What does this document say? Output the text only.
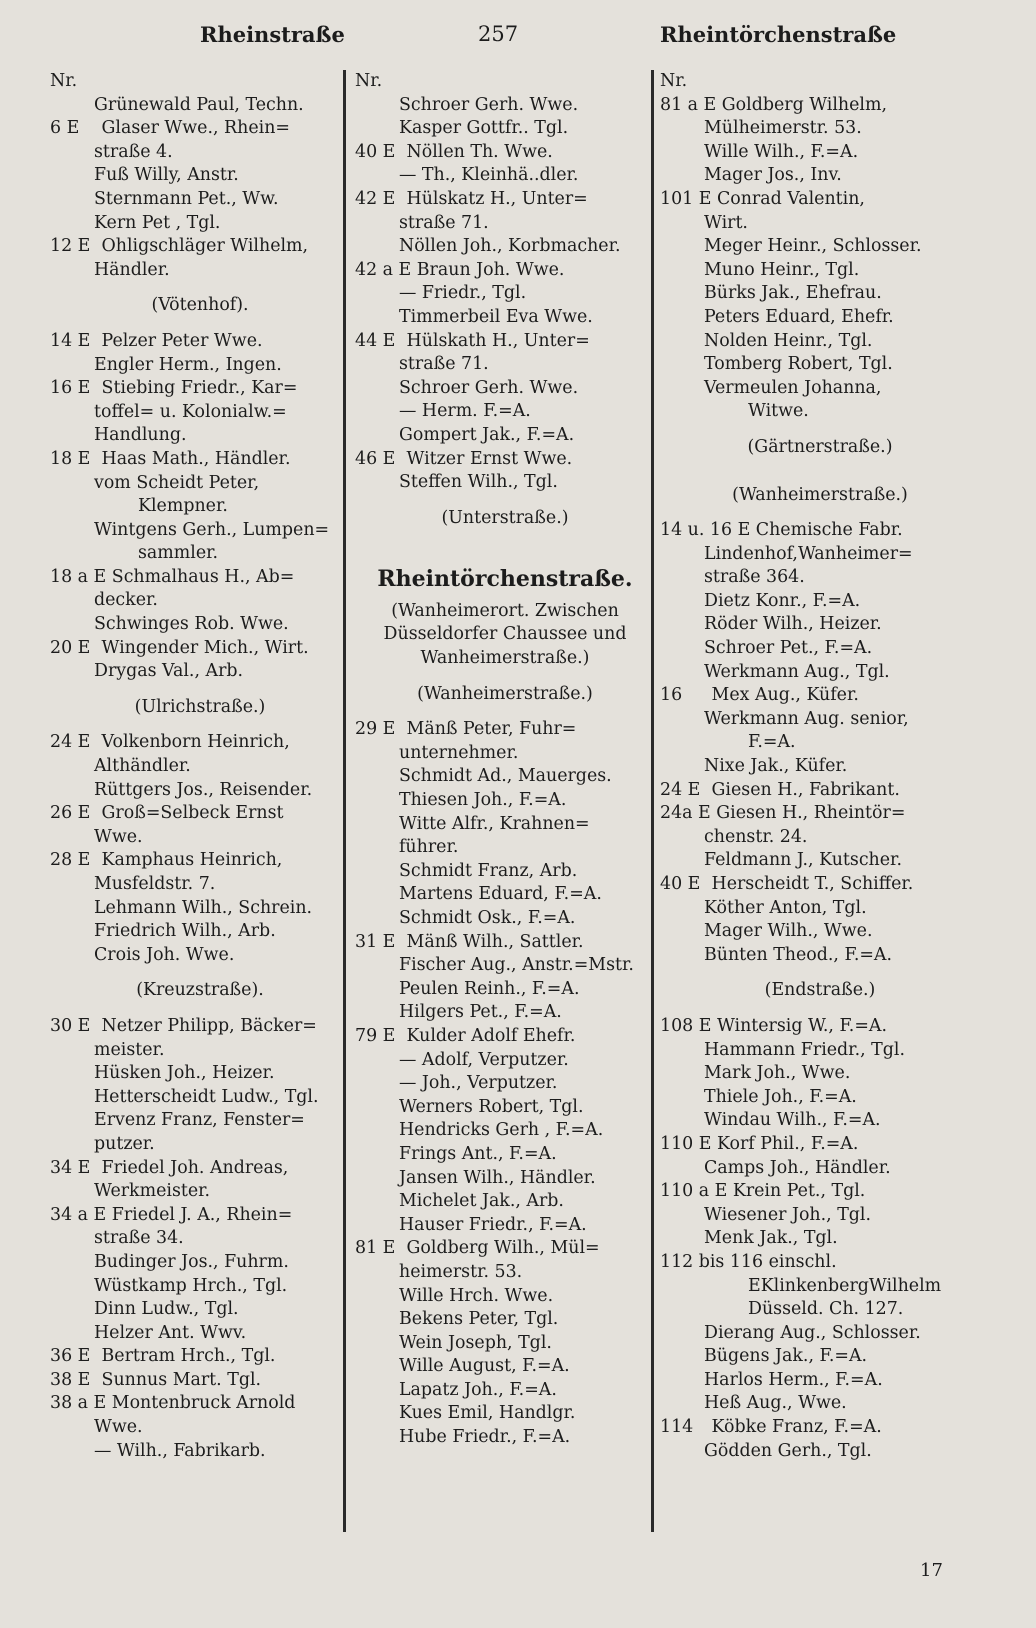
Rheinstraße	257	Rheintörchenstraße
Nr.
Grünewald Paul, Techn.
6 E Glaser Wwe., Rhein=
straße 4.
Fuß Willy, Anstr.
Sternmann Pet., Ww.
Kern Pet , Tgl.
12 E Ohligschläger Wilhelm,
Händler.
(Vötenhof).
14 E Pelzer Peter Wwe.
Engler Herm., Ingen.
16 E Stiebing Friedr., Kar=
toffel= u. Kolonialw.=
Handlung.
18 E Haas Math., Händler.
vom Scheidt Peter,
Klempner.
Wintgens Gerh., Lumpen=
sammler.
18 a E Schmalhaus H., Ab=
decker.
Schwinges Rob. Wwe.
20 E Wingender Mich., Wirt.
Drygas Val., Arb.
(Ulrichstraße.)
24 E Volkenborn Heinrich,
Althändler.
Rüttgers Jos., Reisender.
26 E Groß=Selbeck Ernst
Wwe.
28 E Kamphaus Heinrich,
Musfeldstr. 7.
Lehmann Wilh., Schrein.
Friedrich Wilh., Arb.
Crois Joh. Wwe.
(Kreuzstraße).
30 E Netzer Philipp, Bäcker=
meister.
Hüsken Joh., Heizer.
Hetterscheidt Ludw., Tgl.
Ervenz Franz, Fenster=
putzer.
34 E Friedel Joh. Andreas,
Werkmeister.
34 a E Friedel J. A., Rhein=
straße 34.
Budinger Jos., Fuhrm.
Wüstkamp Hrch., Tgl.
Dinn Ludw., Tgl.
Helzer Ant. Wwv.
36 E Bertram Hrch., Tgl.
38 E Sunnus Mart. Tgl.
38 a E Montenbruck Arnold
Wwe.
— Wilh., Fabrikarb.
Nr.
Schroer Gerh. Wwe.
Kasper Gottfr.. Tgl.
40 E Nöllen Th. Wwe.
— Th., Kleinhä..dler.
42 E Hülskatz H., Unter=
straße 71.
Nöllen Joh., Korbmacher.
42 a E Braun Joh. Wwe.
— Friedr., Tgl.
Timmerbeil Eva Wwe.
44 E Hülskath H., Unter=
straße 71.
Schroer Gerh. Wwe.
— Herm. F.=A.
Gompert Jak., F.=A.
46 E Witzer Ernst Wwe.
Steffen Wilh., Tgl.
(Unterstraße.)
Rheintörchenstraße.
(Wanheimerort. Zwischen
Düsseldorfer Chaussee und
Wanheimerstraße.)
(Wanheimerstraße.)
29 E Mänß Peter, Fuhr=
unternehmer.
Schmidt Ad., Mauerges.
Thiesen Joh., F.=A.
Witte Alfr., Krahnen=
führer.
Schmidt Franz, Arb.
Martens Eduard, F.=A.
Schmidt Osk., F.=A.
31 E Mänß Wilh., Sattler.
Fischer Aug., Anstr.=Mstr.
Peulen Reinh., F.=A.
Hilgers Pet., F.=A.
79 E Kulder Adolf Ehefr.
— Adolf, Verputzer.
— Joh., Verputzer.
Werners Robert, Tgl.
Hendricks Gerh , F.=A.
Frings Ant., F.=A.
Jansen Wilh., Händler.
Michelet Jak., Arb.
Hauser Friedr., F.=A.
81 E Goldberg Wilh., Mül=
heimerstr. 53.
Wille Hrch. Wwe.
Bekens Peter, Tgl.
Wein Joseph, Tgl.
Wille August, F.=A.
Lapatz Joh., F.=A.
Kues Emil, Handlgr.
Hube Friedr., F.=A.
Nr.
81 a E Goldberg Wilhelm,
Mülheimerstr. 53.
Wille Wilh., F.=A.
Mager Jos., Inv.
101 E Conrad Valentin,
Wirt.
Meger Heinr., Schlosser.
Muno Heinr., Tgl.
Bürks Jak., Ehefrau.
Peters Eduard, Ehefr.
Nolden Heinr., Tgl.
Tomberg Robert, Tgl.
Vermeulen Johanna,
Witwe.
(Gärtnerstraße.)
(Wanheimerstraße.)
14 u. 16 E Chemische Fabr.
Lindenhof,Wanheimer=
straße 364.
Dietz Konr., F.=A.
Röder Wilh., Heizer.
Schroer Pet., F.=A.
Werkmann Aug., Tgl.
16 Mex Aug., Küfer.
Werkmann Aug. senior,
F.=A.
Nixe Jak., Küfer.
24 E Giesen H., Fabrikant.
24a E Giesen H., Rheintör=
chenstr. 24.
Feldmann J., Kutscher.
40 E Herscheidt T., Schiffer.
Köther Anton, Tgl.
Mager Wilh., Wwe.
Bünten Theod., F.=A.
(Endstraße.)
108 E Wintersig W., F.=A.
Hammann Friedr., Tgl.
Mark Joh., Wwe.
Thiele Joh., F.=A.
Windau Wilh., F.=A.
110 E Korf Phil., F.=A.
Camps Joh., Händler.
110 a E Krein Pet., Tgl.
Wiesener Joh., Tgl.
Menk Jak., Tgl.
112 bis 116 einschl.
EKlinkenbergWilhelm
Düsseld. Ch. 127.
Dierang Aug., Schlosser.
Bügens Jak., F.=A.
Harlos Herm., F.=A.
Heß Aug., Wwe.
114 Köbke Franz, F.=A.
Gödden Gerh., Tgl.
17
